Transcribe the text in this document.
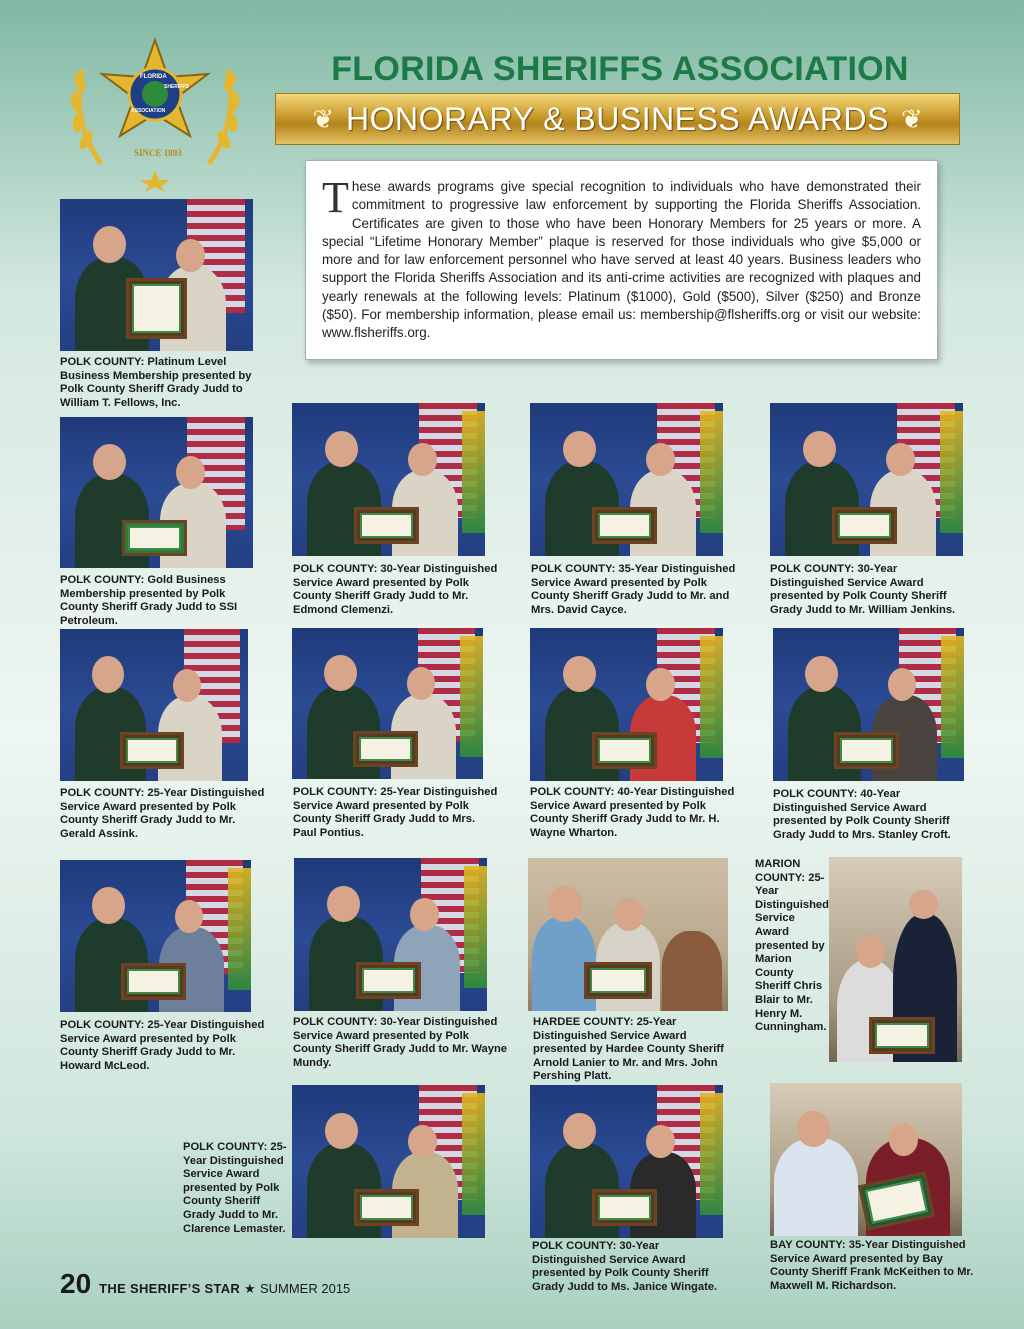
SINCE 1893
FLORIDA
ASSOCIATION
SHERIFFS	FLORIDA SHERIFFS ASSOCIATION
❦ HONORARY & BUSINESS AWARDS ❦

These awards programs give special recognition to individuals who have demonstrated their commitment to progressive law enforcement by supporting the Florida Sheriffs Association. Certificates are given to those who have been Honorary Members for 25 years or more. A special “Lifetime Honorary Member” plaque is reserved for those individuals who give $5,000 or more and for law enforcement personnel who have served at least 40 years. Business leaders who support the Florida Sheriffs Association and its anti-crime activities are recognized with plaques and yearly renewals at the following levels: Platinum ($1000), Gold ($500), Silver ($250) and Bronze ($50). For membership information, please email us: membership@flsheriffs.org or visit our website: www.flsheriffs.org.

POLK COUNTY: Platinum Level Business Membership presented by Polk County Sheriff Grady Judd to William T. Fellows, Inc.
POLK COUNTY: Gold Business Membership presented by Polk County Sheriff Grady Judd to SSI Petroleum.
POLK COUNTY: 30-Year Distinguished Service Award presented by Polk County Sheriff Grady Judd to Mr. Edmond Clemenzi.
POLK COUNTY: 35-Year Distinguished Service Award presented by Polk County Sheriff Grady Judd to Mr. and Mrs. David Cayce.
POLK COUNTY: 30-Year Distinguished Service Award presented by Polk County Sheriff Grady Judd to Mr. William Jenkins.
POLK COUNTY: 25-Year Distinguished Service Award presented by Polk County Sheriff Grady Judd to Mr. Gerald Assink.
POLK COUNTY: 25-Year Distinguished Service Award presented by Polk County Sheriff Grady Judd to Mrs. Paul Pontius.
POLK COUNTY: 40-Year Distinguished Service Award presented by Polk County Sheriff Grady Judd to Mr. H. Wayne Wharton.
POLK COUNTY: 40-Year Distinguished Service Award presented by Polk County Sheriff Grady Judd to Mrs. Stanley Croft.
POLK COUNTY: 25-Year Distinguished Service Award presented by Polk County Sheriff Grady Judd to Mr. Howard McLeod.
POLK COUNTY: 30-Year Distinguished Service Award presented by Polk County Sheriff Grady Judd to Mr. Wayne Mundy.
HARDEE COUNTY: 25-Year Distinguished Service Award presented by Hardee County Sheriff Arnold Lanier to Mr. and Mrs. John Pershing Platt.
MARION COUNTY: 25-Year Distinguished Service Award presented by Marion County Sheriff Chris Blair to Mr. Henry M. Cunningham.
POLK COUNTY: 25-Year Distinguished Service Award presented by Polk County Sheriff Grady Judd to Mr. Clarence Lemaster.
POLK COUNTY: 30-Year Distinguished Service Award presented by Polk County Sheriff Grady Judd to Ms. Janice Wingate.
BAY COUNTY: 35-Year Distinguished Service Award presented by Bay County Sheriff Frank McKeithen to Mr. Maxwell M. Richardson.
20 THE SHERIFF’S STAR ★ SUMMER 2015
